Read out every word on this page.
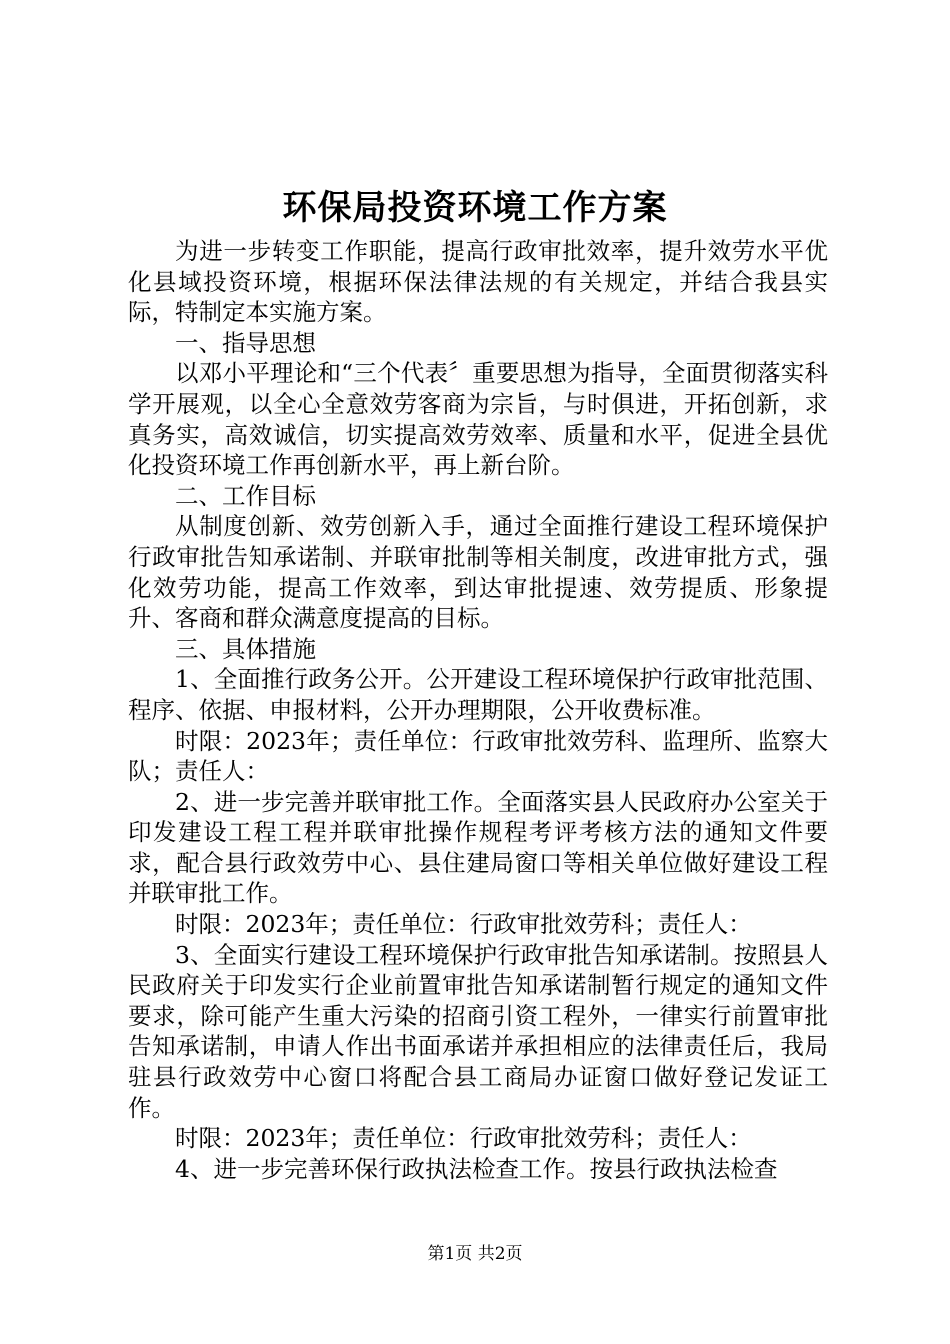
环保局投资环境工作方案

为进一步转变工作职能，提高行政审批效率，提升效劳水平优化县域投资环境，根据环保法律法规的有关规定，并结合我县实际，特制定本实施方案。

一、指导思想

以邓小平理论和“三个代表〞重要思想为指导，全面贯彻落实科学开展观，以全心全意效劳客商为宗旨，与时俱进，开拓创新，求真务实，高效诚信，切实提高效劳效率、质量和水平，促进全县优化投资环境工作再创新水平，再上新台阶。

二、工作目标

从制度创新、效劳创新入手，通过全面推行建设工程环境保护行政审批告知承诺制、并联审批制等相关制度，改进审批方式，强化效劳功能，提高工作效率，到达审批提速、效劳提质、形象提升、客商和群众满意度提高的目标。

三、具体措施

1、全面推行政务公开。公开建设工程环境保护行政审批范围、程序、依据、申报材料，公开办理期限，公开收费标准。

时限：2023年；责任单位：行政审批效劳科、监理所、监察大队；责任人：

2、进一步完善并联审批工作。全面落实县人民政府办公室关于印发建设工程工程并联审批操作规程考评考核方法的通知文件要求，配合县行政效劳中心、县住建局窗口等相关单位做好建设工程并联审批工作。

时限：2023年；责任单位：行政审批效劳科；责任人：

3、全面实行建设工程环境保护行政审批告知承诺制。按照县人民政府关于印发实行企业前置审批告知承诺制暂行规定的通知文件要求，除可能产生重大污染的招商引资工程外，一律实行前置审批告知承诺制，申请人作出书面承诺并承担相应的法律责任后，我局驻县行政效劳中心窗口将配合县工商局办证窗口做好登记发证工作。

时限：2023年；责任单位：行政审批效劳科；责任人：

4、进一步完善环保行政执法检查工作。按县行政执法检查

第1页 共2页
